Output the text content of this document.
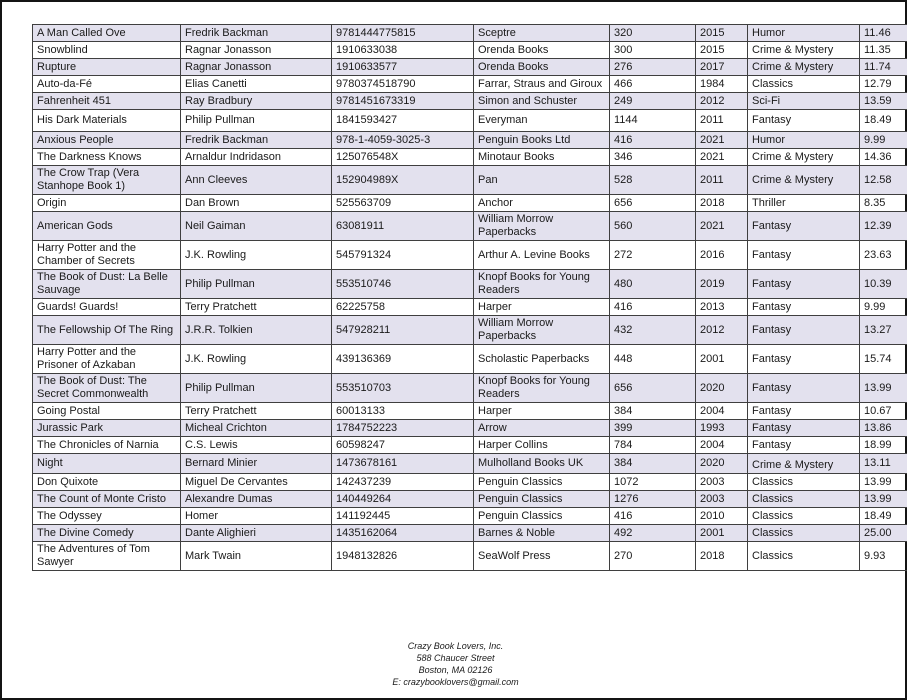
A Man Called Ove	Fredrik Backman	9781444775815	Sceptre	320	2015	Humor	11.46
Snowblind	Ragnar Jonasson	1910633038	Orenda Books	300	2015	Crime & Mystery	11.35
Rupture	Ragnar Jonasson	1910633577	Orenda Books	276	2017	Crime & Mystery	11.74
Auto-da-Fé	Elias Canetti	9780374518790	Farrar, Straus and Giroux	466	1984	Classics	12.79
Fahrenheit 451	Ray Bradbury	9781451673319	Simon and Schuster	249	2012	Sci-Fi	13.59
His Dark Materials	Philip Pullman	1841593427	Everyman	1144	2011	Fantasy	18.49
Anxious People	Fredrik Backman	978-1-4059-3025-3	Penguin Books Ltd	416	2021	Humor	9.99
The Darkness Knows	Arnaldur Indridason	125076548X	Minotaur Books	346	2021	Crime & Mystery	14.36
The Crow Trap (Vera Stanhope Book 1)	Ann Cleeves	152904989X	Pan	528	2011	Crime & Mystery	12.58
Origin	Dan Brown	525563709	Anchor	656	2018	Thriller	8.35
American Gods	Neil Gaiman	63081911	William Morrow Paperbacks	560	2021	Fantasy	12.39
Harry Potter and the Chamber of Secrets	J.K. Rowling	545791324	Arthur A. Levine Books	272	2016	Fantasy	23.63
The Book of Dust: La Belle Sauvage	Philip Pullman	553510746	Knopf Books for Young Readers	480	2019	Fantasy	10.39
Guards! Guards!	Terry Pratchett	62225758	Harper	416	2013	Fantasy	9.99
The Fellowship Of The Ring	J.R.R. Tolkien	547928211	William Morrow Paperbacks	432	2012	Fantasy	13.27
Harry Potter and the Prisoner of Azkaban	J.K. Rowling	439136369	Scholastic Paperbacks	448	2001	Fantasy	15.74
The Book of Dust: The Secret Commonwealth	Philip Pullman	553510703	Knopf Books for Young Readers	656	2020	Fantasy	13.99
Going Postal	Terry Pratchett	60013133	Harper	384	2004	Fantasy	10.67
Jurassic Park	Micheal Crichton	1784752223	Arrow	399	1993	Fantasy	13.86
The Chronicles of Narnia	C.S. Lewis	60598247	Harper Collins	784	2004	Fantasy	18.99
Night	Bernard Minier	1473678161	Mulholland Books UK	384	2020	Crime & Mystery	13.11
Don Quixote	Miguel De Cervantes	142437239	Penguin Classics	1072	2003	Classics	13.99
The Count of Monte Cristo	Alexandre Dumas	140449264	Penguin Classics	1276	2003	Classics	13.99
The Odyssey	Homer	141192445	Penguin Classics	416	2010	Classics	18.49
The Divine Comedy	Dante Alighieri	1435162064	Barnes & Noble	492	2001	Classics	25.00
The Adventures of Tom Sawyer	Mark Twain	1948132826	SeaWolf Press	270	2018	Classics	9.93
Crazy Book Lovers, Inc.
588 Chaucer Street
Boston, MA 02126
E: crazybooklovers@gmail.com
